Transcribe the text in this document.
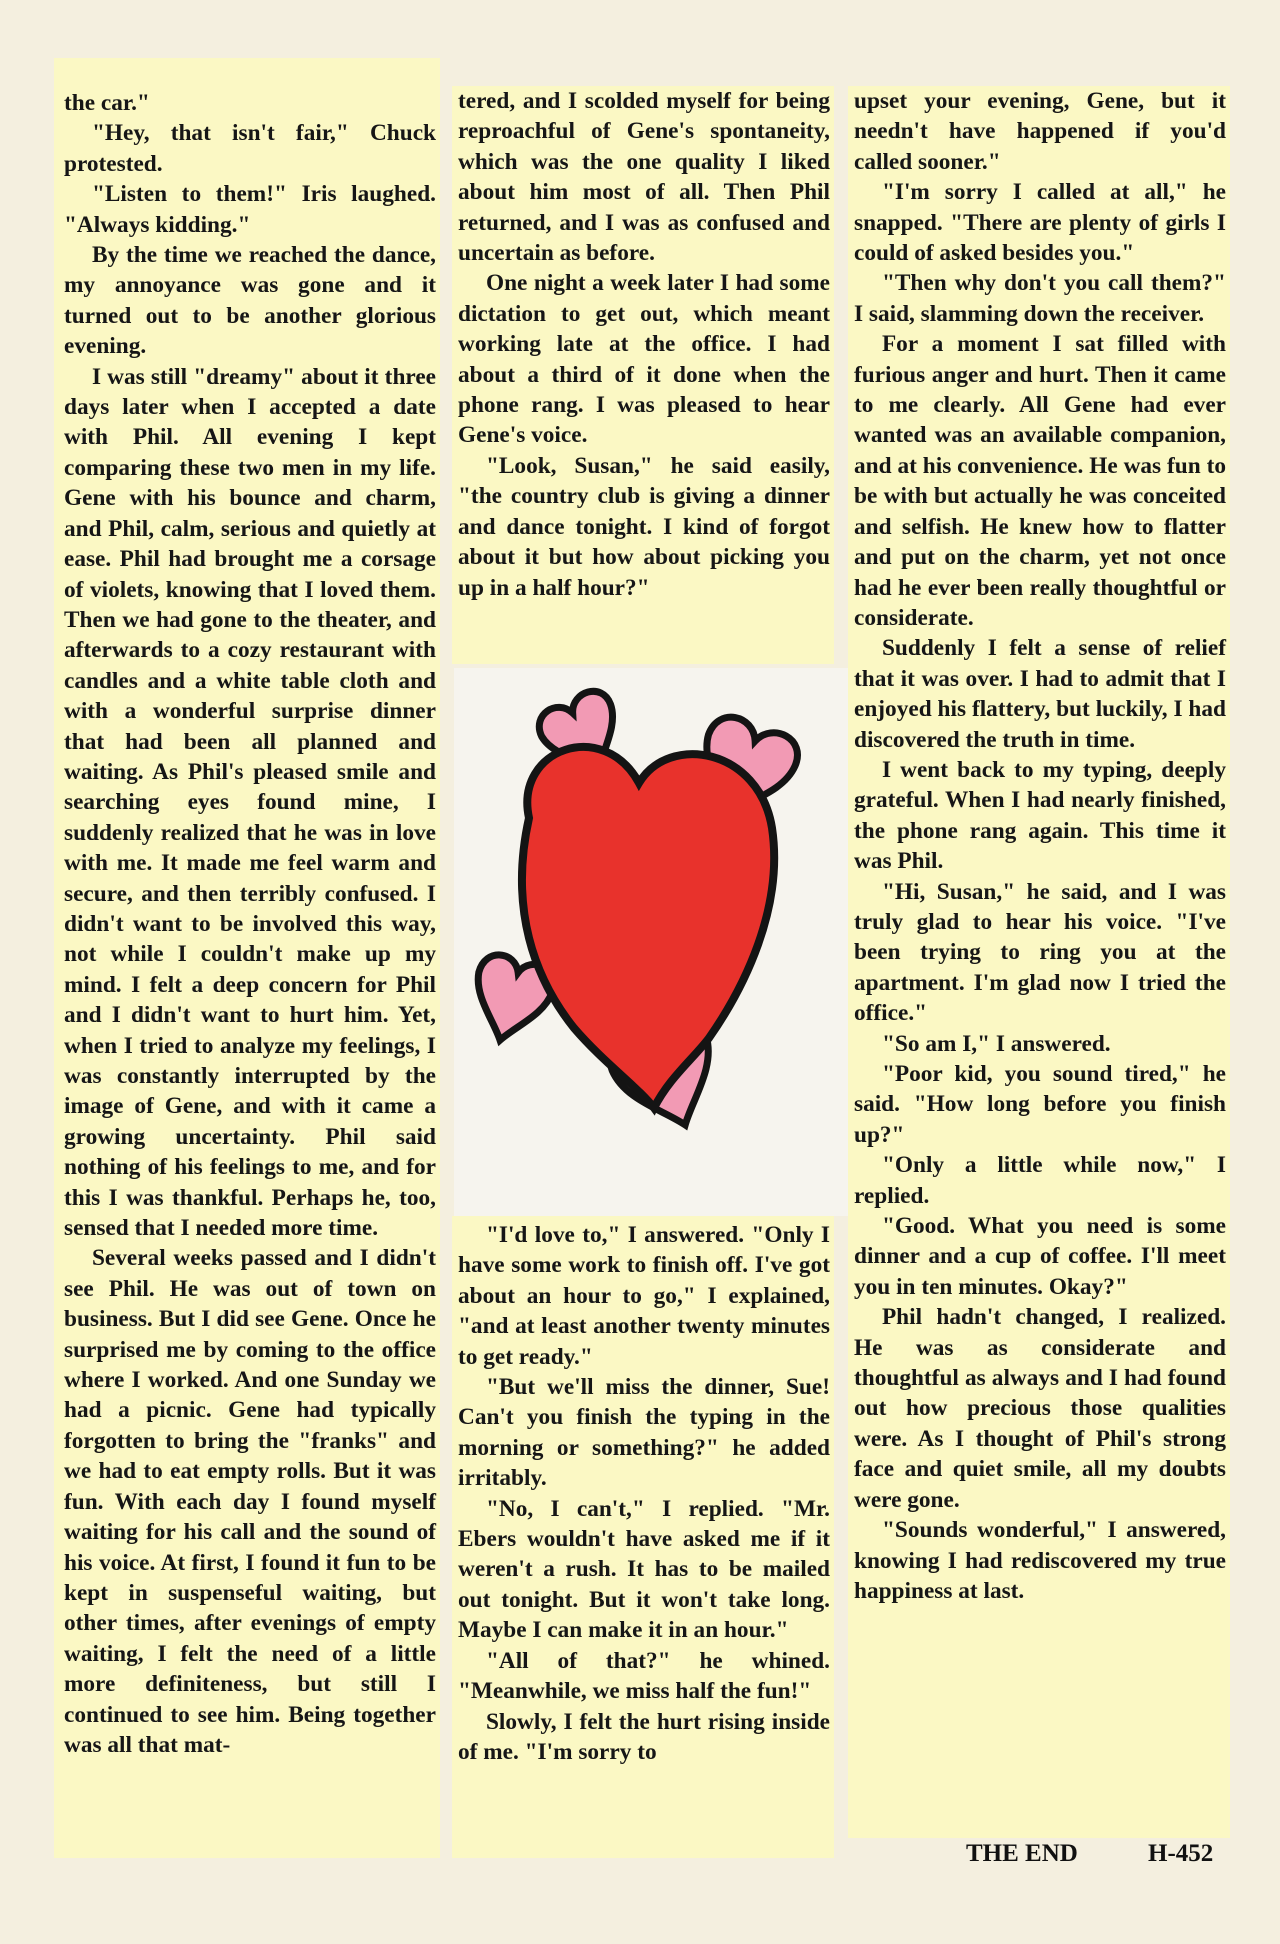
the car."

"Hey, that isn't fair," Chuck protested.

"Listen to them!" Iris laughed. "Always kidding."

By the time we reached the dance, my annoyance was gone and it turned out to be another glorious evening.

I was still "dreamy" about it three days later when I accepted a date with Phil. All evening I kept comparing these two men in my life. Gene with his bounce and charm, and Phil, calm, serious and quietly at ease. Phil had brought me a corsage of violets, knowing that I loved them. Then we had gone to the theater, and afterwards to a cozy restaurant with candles and a white table cloth and with a wonderful surprise dinner that had been all planned and waiting. As Phil's pleased smile and searching eyes found mine, I suddenly realized that he was in love with me. It made me feel warm and secure, and then terribly confused. I didn't want to be involved this way, not while I couldn't make up my mind. I felt a deep concern for Phil and I didn't want to hurt him. Yet, when I tried to analyze my feelings, I was constantly interrupted by the image of Gene, and with it came a growing uncertainty. Phil said nothing of his feelings to me, and for this I was thankful. Perhaps he, too, sensed that I needed more time.

Several weeks passed and I didn't see Phil. He was out of town on business. But I did see Gene. Once he surprised me by coming to the office where I worked. And one Sunday we had a picnic. Gene had typically forgotten to bring the "franks" and we had to eat empty rolls. But it was fun. With each day I found myself waiting for his call and the sound of his voice. At first, I found it fun to be kept in suspenseful waiting, but other times, after evenings of empty waiting, I felt the need of a little more definiteness, but still I continued to see him. Being together was all that mat-

tered, and I scolded myself for being reproachful of Gene's spontaneity, which was the one quality I liked about him most of all. Then Phil returned, and I was as confused and uncertain as before.

One night a week later I had some dictation to get out, which meant working late at the office. I had about a third of it done when the phone rang. I was pleased to hear Gene's voice.

"Look, Susan," he said easily, "the country club is giving a dinner and dance tonight. I kind of forgot about it but how about picking you up in a half hour?"

"I'd love to," I answered. "Only I have some work to finish off. I've got about an hour to go," I explained, "and at least another twenty minutes to get ready."

"But we'll miss the dinner, Sue! Can't you finish the typing in the morning or something?" he added irritably.

"No, I can't," I replied. "Mr. Ebers wouldn't have asked me if it weren't a rush. It has to be mailed out tonight. But it won't take long. Maybe I can make it in an hour."

"All of that?" he whined. "Meanwhile, we miss half the fun!"

Slowly, I felt the hurt rising inside of me. "I'm sorry to

upset your evening, Gene, but it needn't have happened if you'd called sooner."

"I'm sorry I called at all," he snapped. "There are plenty of girls I could of asked besides you."

"Then why don't you call them?" I said, slamming down the receiver.

For a moment I sat filled with furious anger and hurt. Then it came to me clearly. All Gene had ever wanted was an available companion, and at his convenience. He was fun to be with but actually he was conceited and selfish. He knew how to flatter and put on the charm, yet not once had he ever been really thoughtful or considerate.

Suddenly I felt a sense of relief that it was over. I had to admit that I enjoyed his flattery, but luckily, I had discovered the truth in time.

I went back to my typing, deeply grateful. When I had nearly finished, the phone rang again. This time it was Phil.

"Hi, Susan," he said, and I was truly glad to hear his voice. "I've been trying to ring you at the apartment. I'm glad now I tried the office."

"So am I," I answered.

"Poor kid, you sound tired," he said. "How long before you finish up?"

"Only a little while now," I replied.

"Good. What you need is some dinner and a cup of coffee. I'll meet you in ten minutes. Okay?"

Phil hadn't changed, I realized. He was as considerate and thoughtful as always and I had found out how precious those qualities were. As I thought of Phil's strong face and quiet smile, all my doubts were gone.

"Sounds wonderful," I answered, knowing I had rediscovered my true happiness at last.

THE END	H-452
